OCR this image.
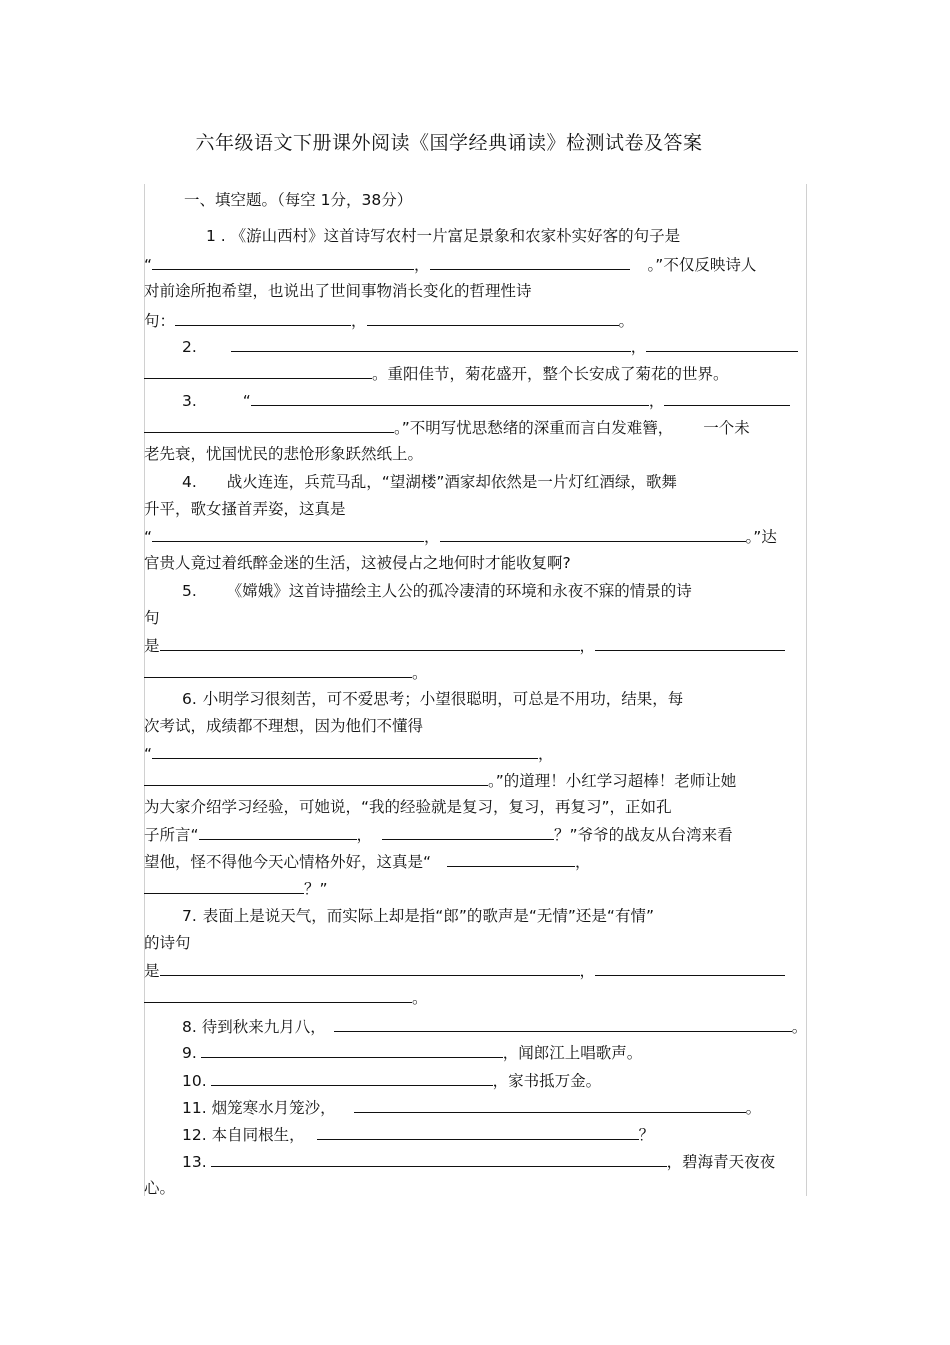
六年级语文下册课外阅读《国学经典诵读》检测试卷及答案
一、填空题。（每空 1分，38分）
1 . 《游山西村》这首诗写农村一片富足景象和农家朴实好客的句子是
“	，	。”不仅反映诗人
对前途所抱希望，也说出了世间事物消长变化的哲理性诗
句：	，	。
2.	，
。重阳佳节，菊花盛开，整个长安成了菊花的世界。
3.	“	，
。”不明写忧思愁绪的深重而言白发难簪， 一个未
老先衰，忧国忧民的悲怆形象跃然纸上。
4. 战火连连，兵荒马乱，“望湖楼”酒家却依然是一片灯红酒绿，歌舞
升平，歌女搔首弄姿，这真是
“	，	。”达
官贵人竟过着纸醉金迷的生活，这被侵占之地何时才能收复啊?
5. 《嫦娥》这首诗描绘主人公的孤冷凄清的环境和永夜不寐的情景的诗
句
是	，
。
6. 小明学习很刻苦，可不爱思考；小望很聪明，可总是不用功，结果，每
次考试，成绩都不理想，因为他们不懂得
“	，
。”的道理！小红学习超棒！老师让她
为大家介绍学习经验，可她说，“我的经验就是复习，复习，再复习”，正如孔
子所言“	，	？”爷爷的战友从台湾来看
望他，怪不得他今天心情格外好，这真是“	，
？”
7. 表面上是说天气，而实际上却是指“郎”的歌声是“无情”还是“有情”
的诗句
是	，
。
8. 待到秋来九月八，	。
9.	，闻郎江上唱歌声。
10.	，家书抵万金。
11. 烟笼寒水月笼沙，	。
12. 本自同根生，	？
13.	，碧海青天夜夜
心。
